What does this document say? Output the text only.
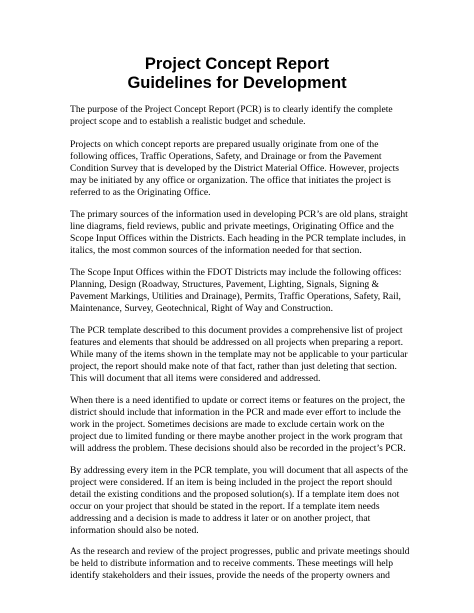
Project Concept Report
Guidelines for Development

The purpose of the Project Concept Report (PCR) is to clearly identify the complete
project scope and to establish a realistic budget and schedule.

Projects on which concept reports are prepared usually originate from one of the
following offices, Traffic Operations, Safety, and Drainage or from the Pavement
Condition Survey that is developed by the District Material Office. However, projects
may be initiated by any office or organization. The office that initiates the project is
referred to as the Originating Office.

The primary sources of the information used in developing PCR’s are old plans, straight
line diagrams, field reviews, public and private meetings, Originating Office and the
Scope Input Offices within the Districts. Each heading in the PCR template includes, in
italics, the most common sources of the information needed for that section.

The Scope Input Offices within the FDOT Districts may include the following offices:
Planning, Design (Roadway, Structures, Pavement, Lighting, Signals, Signing &
Pavement Markings, Utilities and Drainage), Permits, Traffic Operations, Safety, Rail,
Maintenance, Survey, Geotechnical, Right of Way and Construction.

The PCR template described to this document provides a comprehensive list of project
features and elements that should be addressed on all projects when preparing a report.
While many of the items shown in the template may not be applicable to your particular
project, the report should make note of that fact, rather than just deleting that section.
This will document that all items were considered and addressed.

When there is a need identified to update or correct items or features on the project, the
district should include that information in the PCR and made ever effort to include the
work in the project. Sometimes decisions are made to exclude certain work on the
project due to limited funding or there maybe another project in the work program that
will address the problem. These decisions should also be recorded in the project’s PCR.

By addressing every item in the PCR template, you will document that all aspects of the
project were considered. If an item is being included in the project the report should
detail the existing conditions and the proposed solution(s). If a template item does not
occur on your project that should be stated in the report. If a template item needs
addressing and a decision is made to address it later or on another project, that
information should also be noted.

As the research and review of the project progresses, public and private meetings should
be held to distribute information and to receive comments. These meetings will help
identify stakeholders and their issues, provide the needs of the property owners and
